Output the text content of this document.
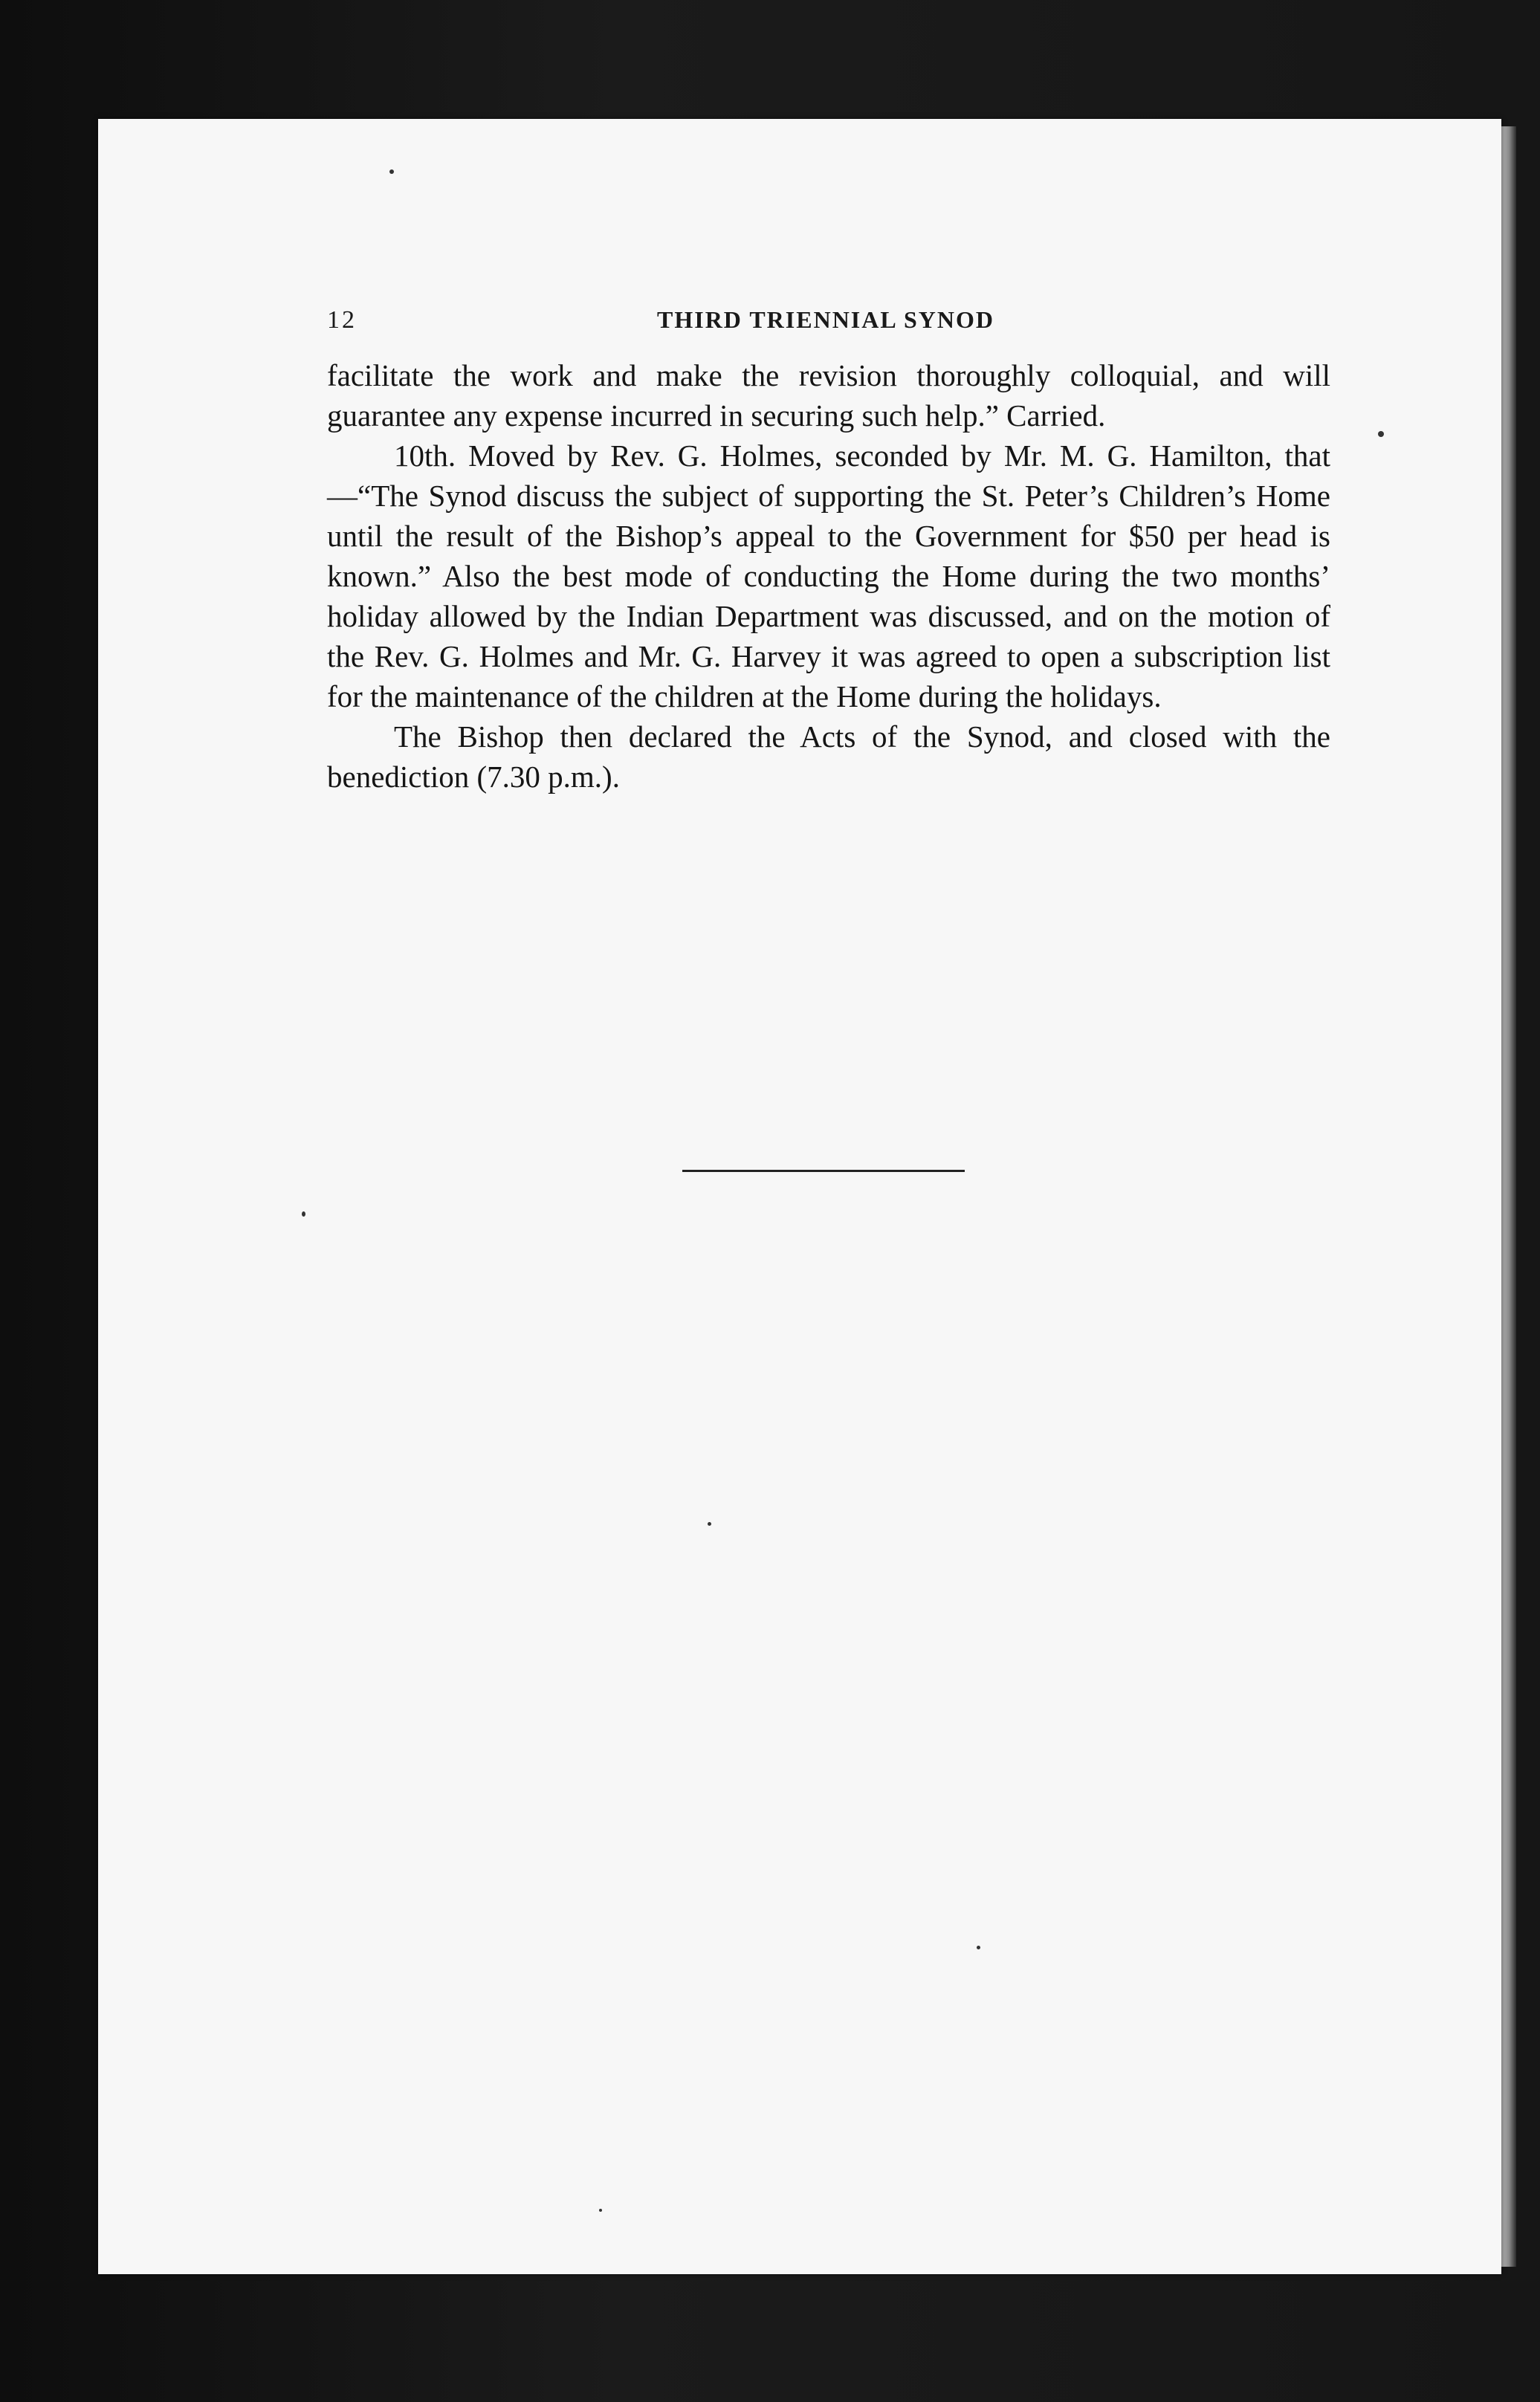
12	THIRD TRIENNIAL SYNOD

facilitate the work and make the revision thoroughly colloquial, and will guarantee any expense incurred in securing such help.” Carried.

10th. Moved by Rev. G. Holmes, seconded by Mr. M. G. Hamilton, that—“The Synod discuss the subject of supporting the St. Peter’s Children’s Home until the result of the Bishop’s appeal to the Government for $50 per head is known.” Also the best mode of conducting the Home during the two months’ holiday allowed by the Indian Department was discussed, and on the motion of the Rev. G. Holmes and Mr. G. Harvey it was agreed to open a subscription list for the maintenance of the children at the Home during the holidays.

The Bishop then declared the Acts of the Synod, and closed with the benediction (7.30 p.m.).
